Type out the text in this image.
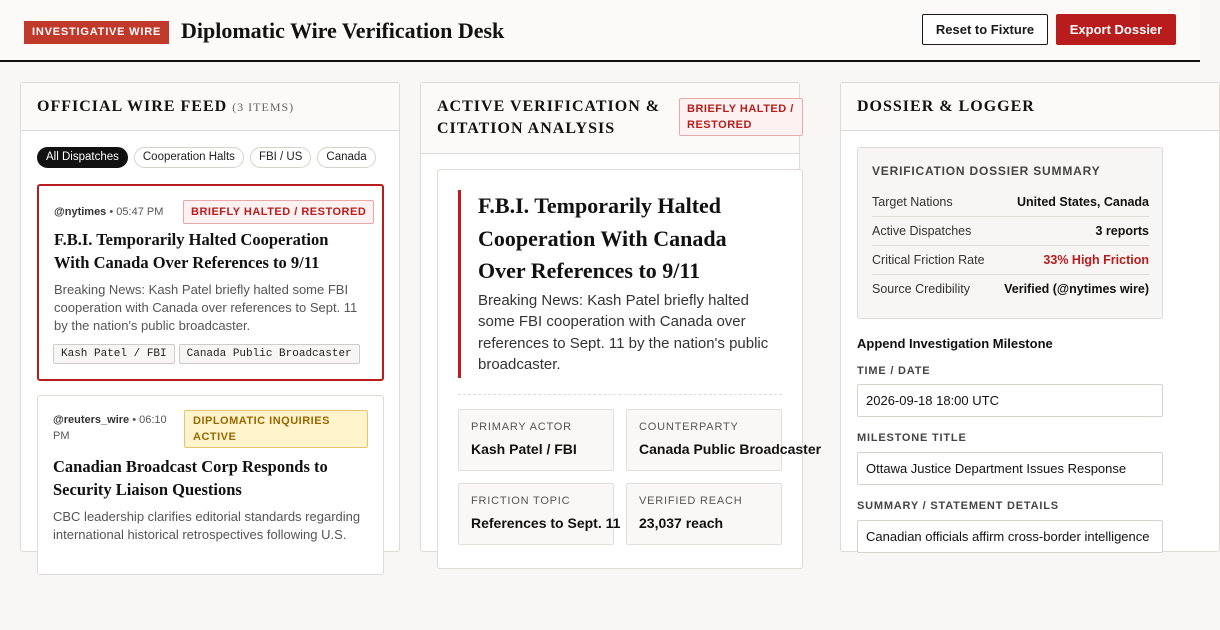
INVESTIGATIVE WIRE Diplomatic Wire Verification Desk	Reset to Fixture	Export Dossier
OFFICIAL WIRE FEED (3 ITEMS)
All Dispatches	Cooperation Halts	FBI / US	Canada
@nytimes • 05:47 PM	BRIEFLY HALTED / RESTORED
F.B.I. Temporarily Halted Cooperation With Canada Over References to 9/11
Breaking News: Kash Patel briefly halted some FBI cooperation with Canada over references to Sept. 11 by the nation's public broadcaster.
Kash Patel / FBI	Canada Public Broadcaster
@reuters_wire • 06:10 PM
DIPLOMATIC INQUIRIES ACTIVE
Canadian Broadcast Corp Responds to Security Liaison Questions
CBC leadership clarifies editorial standards regarding international historical retrospectives following U.S.
ACTIVE VERIFICATION & CITATION ANALYSIS
BRIEFLY HALTED / RESTORED
F.B.I. Temporarily Halted Cooperation With Canada Over References to 9/11
Breaking News: Kash Patel briefly halted some FBI cooperation with Canada over references to Sept. 11 by the nation's public broadcaster.
PRIMARY ACTOR
Kash Patel / FBI
COUNTERPARTY
Canada Public Broadcaster
FRICTION TOPIC
References to Sept. 11
VERIFIED REACH
23,037 reach
DOSSIER & LOGGER
VERIFICATION DOSSIER SUMMARY
Target Nations	United States, Canada
Active Dispatches	3 reports
Critical Friction Rate	33% High Friction
Source Credibility	Verified (@nytimes wire)
Append Investigation Milestone
TIME / DATE
2026-09-18 18:00 UTC
MILESTONE TITLE
Ottawa Justice Department Issues Response
SUMMARY / STATEMENT DETAILS
Canadian officials affirm cross-border intelligence
